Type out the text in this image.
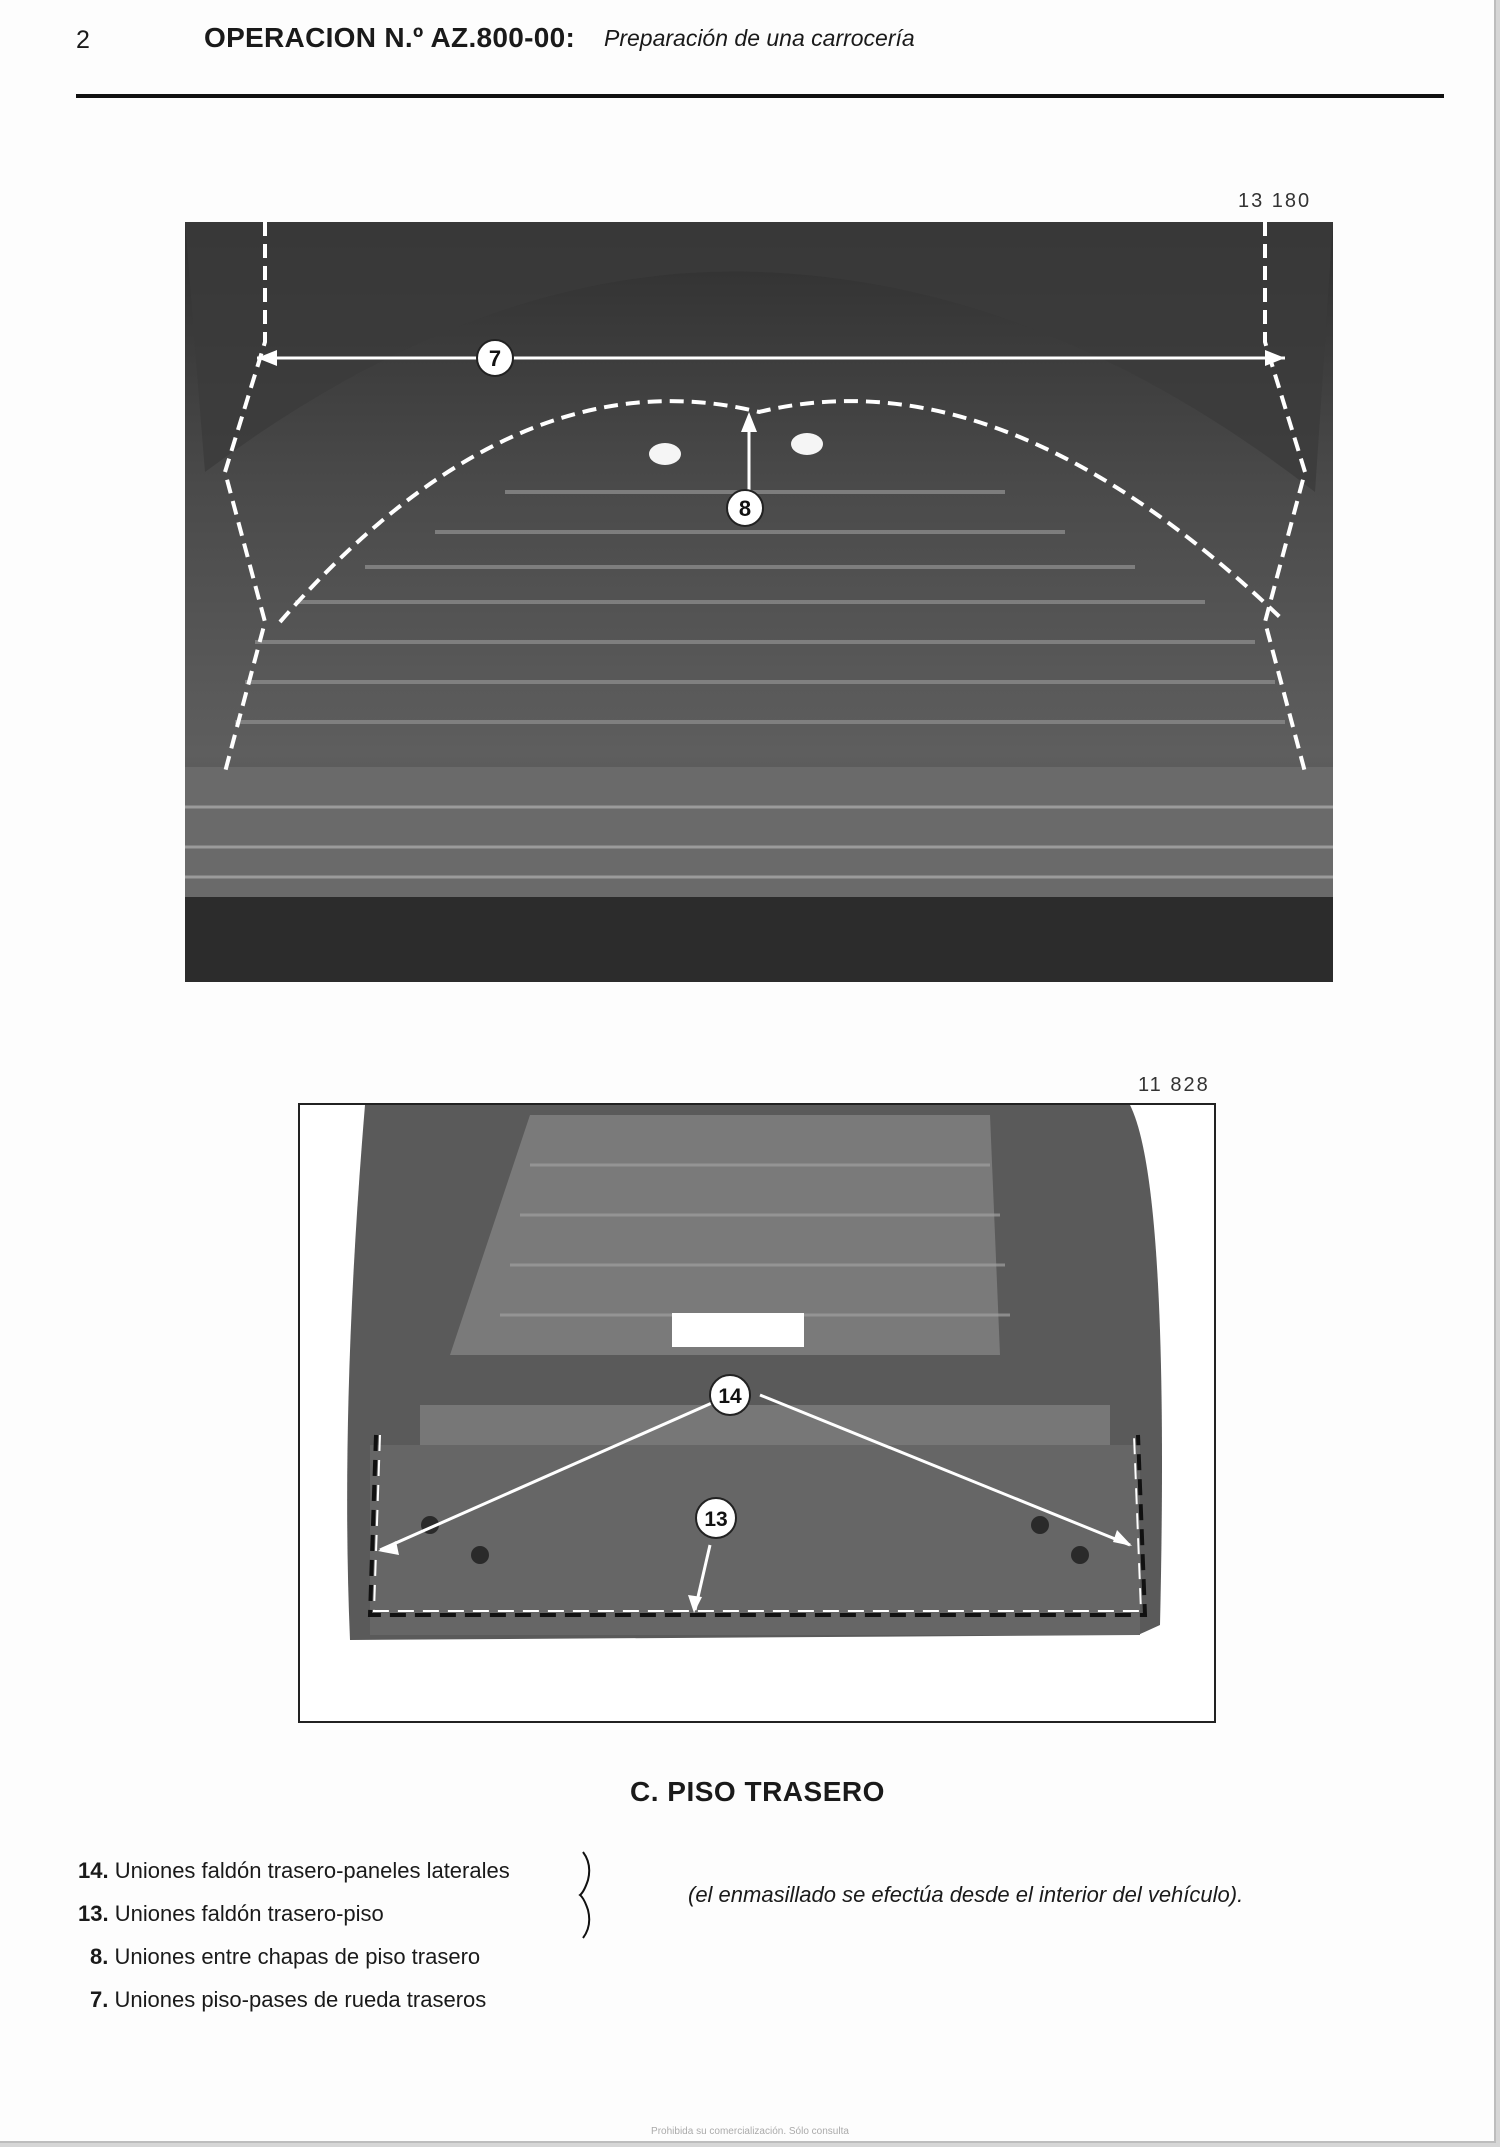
2	OPERACION N.º AZ.800-00: Preparación de una carrocería
13 180
7
8
11 828
14
13
C. PISO TRASERO
14. Uniones faldón trasero-paneles laterales
13. Uniones faldón trasero-piso
8. Uniones entre chapas de piso trasero
7. Uniones piso-pases de rueda traseros
(el enmasillado se efectúa desde el interior del vehículo).
Prohibida su comercialización. Sólo consulta
